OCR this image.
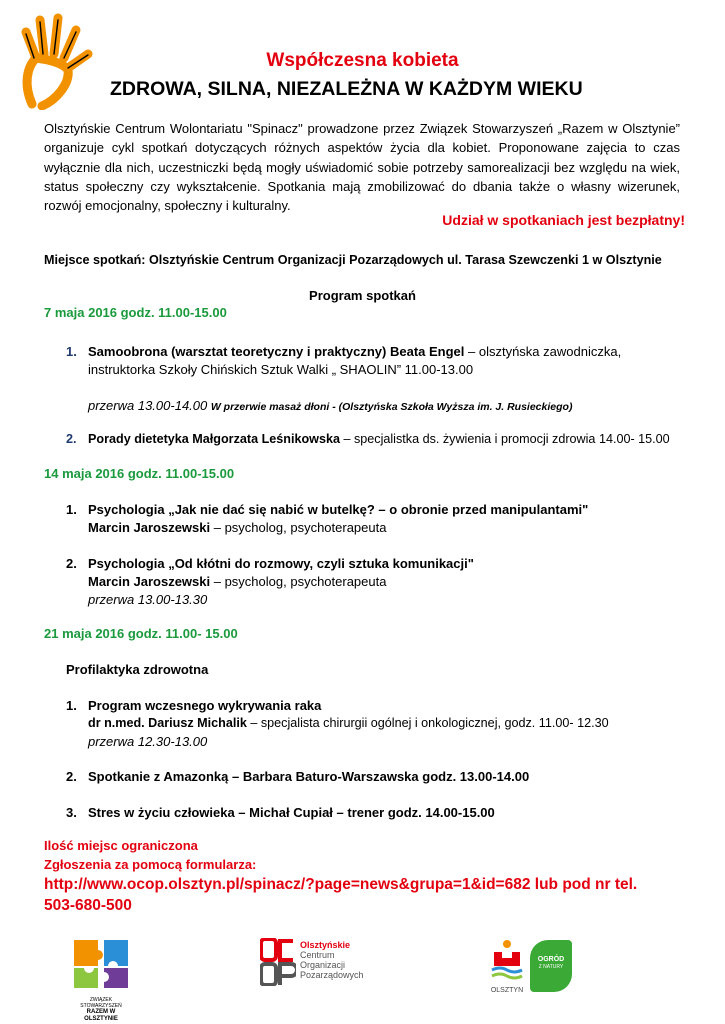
Współczesna kobieta
ZDROWA, SILNA, NIEZALEŻNA W KAŻDYM WIEKU
Olsztyńskie Centrum Wolontariatu "Spinacz" prowadzone przez Związek Stowarzyszeń „Razem w Olsztynie” organizuje cykl spotkań dotyczących różnych aspektów życia dla kobiet. Proponowane zajęcia to czas wyłącznie dla nich, uczestniczki będą mogły uświadomić sobie potrzeby samorealizacji bez względu na wiek, status społeczny czy wykształcenie. Spotkania mają zmobilizować do dbania także o własny wizerunek, rozwój emocjonalny, społeczny i kulturalny.
Udział w spotkaniach jest bezpłatny!
Miejsce spotkań: Olsztyńskie Centrum Organizacji Pozarządowych ul. Tarasa Szewczenki 1 w Olsztynie
Program spotkań
7 maja 2016 godz. 11.00-15.00
1. Samoobrona (warsztat teoretyczny i praktyczny) Beata Engel – olsztyńska zawodniczka,
instruktorka Szkoły Chińskich Sztuk Walki „ SHAOLIN” 11.00-13.00
przerwa 13.00-14.00 W przerwie masaż dłoni - (Olsztyńska Szkoła Wyższa im. J. Rusieckiego)
2. Porady dietetyka Małgorzata Leśnikowska – specjalistka ds. żywienia i promocji zdrowia 14.00- 15.00
14 maja 2016 godz. 11.00-15.00
1. Psychologia „Jak nie dać się nabić w butelkę? – o obronie przed manipulantami"
Marcin Jaroszewski – psycholog, psychoterapeuta
2. Psychologia „Od kłótni do rozmowy, czyli sztuka komunikacji"
Marcin Jaroszewski – psycholog, psychoterapeuta
przerwa 13.00-13.30
21 maja 2016 godz. 11.00- 15.00
Profilaktyka zdrowotna
1. Program wczesnego wykrywania raka
dr n.med. Dariusz Michalik – specjalista chirurgii ogólnej i onkologicznej, godz. 11.00- 12.30
przerwa 12.30-13.00
2. Spotkanie z Amazonką – Barbara Baturo-Warszawska godz. 13.00-14.00
3. Stres w życiu człowieka – Michał Cupiał – trener godz. 14.00-15.00
Ilość miejsc ograniczona
Zgłoszenia za pomocą formularza:
http://www.ocop.olsztyn.pl/spinacz/?page=news&grupa=1&id=682 lub pod nr tel.
503-680-500
ZWIĄZEK STOWARZYSZEŃ
RAZEM W OLSZTYNIE
Olsztyńskie
Centrum
Organizacji
Pozarządowych
OLSZTYN
OGRÓD
Z NATURY
